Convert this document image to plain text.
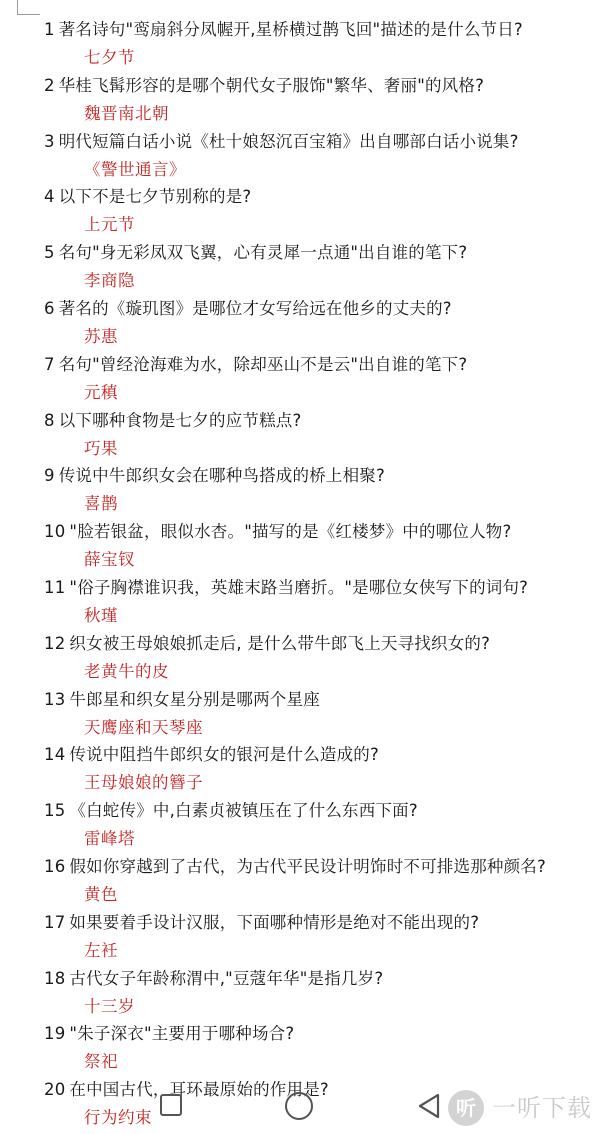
1 著名诗句"鸾扇斜分凤幄开,星桥横过鹊飞回"描述的是什么节日?
七夕节
2 华桂飞髯形容的是哪个朝代女子服饰"繁华、奢丽"的风格?
魏晋南北朝
3 明代短篇白话小说《杜十娘怒沉百宝箱》出自哪部白话小说集?
《警世通言》
4 以下不是七夕节别称的是?
上元节
5 名句"身无彩凤双飞翼，心有灵犀一点通"出自谁的笔下?
李商隐
6 著名的《璇玑图》是哪位才女写给远在他乡的丈夫的?
苏惠
7 名句"曾经沧海难为水，除却巫山不是云"出自谁的笔下?
元稹
8 以下哪种食物是七夕的应节糕点?
巧果
9 传说中牛郎织女会在哪种鸟搭成的桥上相聚?
喜鹊
10 "脸若银盆，眼似水杏。"描写的是《红楼梦》中的哪位人物?
薛宝钗
11 "俗子胸襟谁识我，英雄末路当磨折。"是哪位女侠写下的词句?
秋瑾
12 织女被王母娘娘抓走后, 是什么带牛郎飞上天寻找织女的?
老黄牛的皮
13 牛郎星和织女星分别是哪两个星座
天鹰座和天琴座
14 传说中阻挡牛郎织女的银河是什么造成的?
王母娘娘的簪子
15 《白蛇传》中,白素贞被镇压在了什么东西下面?
雷峰塔
16 假如你穿越到了古代，为古代平民设计明饰时不可排选那种颜名?
黄色
17 如果要着手设计汉服，下面哪种情形是绝对不能出现的?
左衽
18 古代女子年龄称渭中,"豆蔻年华"是指几岁?
十三岁
19 "朱子深衣"主要用于哪种场合?
祭祀
20 在中国古代，耳环最原始的作用是?
行为约束	听 一听下载
